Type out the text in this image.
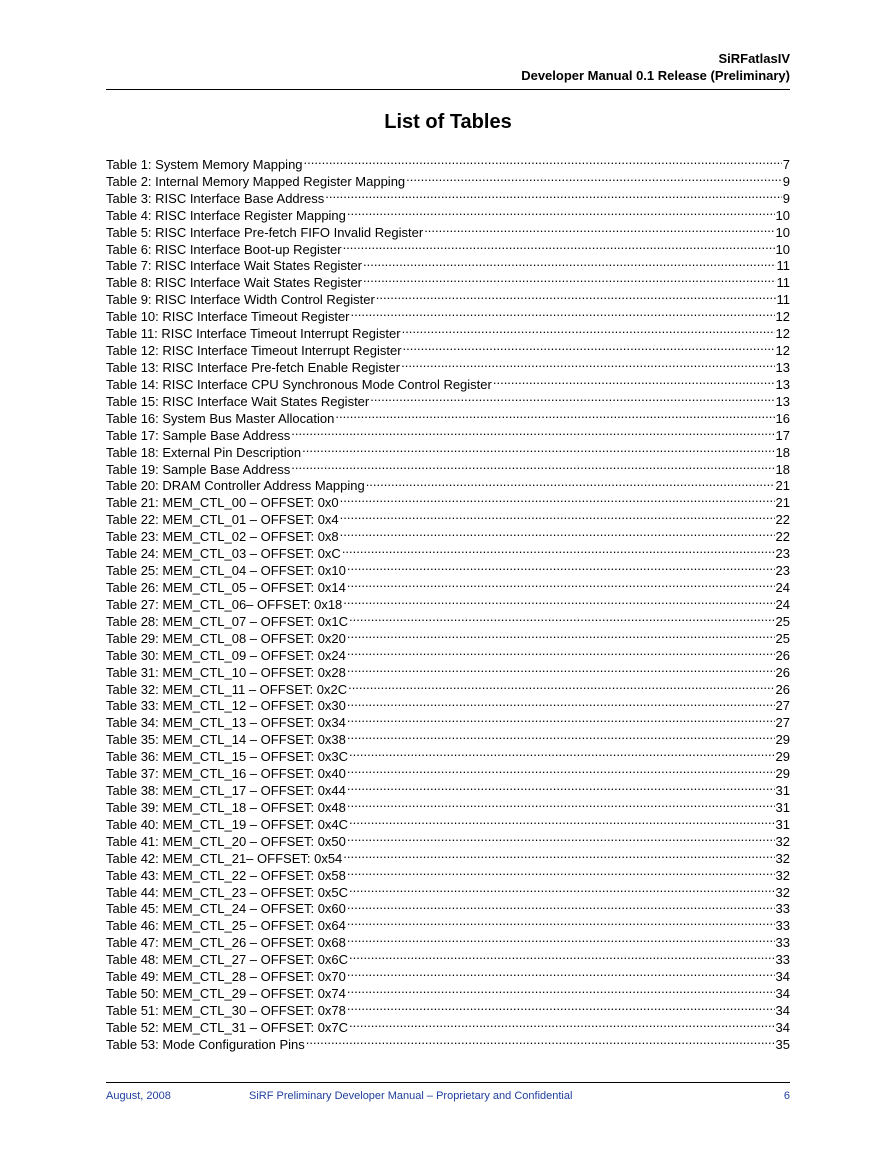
SiRFatlasIV
Developer Manual 0.1 Release (Preliminary)
List of Tables
Table 1: System Memory Mapping .....	7
Table 2: Internal Memory Mapped Register Mapping .....	9
Table 3: RISC Interface Base Address .....	9
Table 4: RISC Interface Register Mapping .....	10
Table 5: RISC Interface Pre-fetch FIFO Invalid Register .....	10
Table 6: RISC Interface Boot-up Register .....	10
Table 7: RISC Interface Wait States Register .....	11
Table 8: RISC Interface Wait States Register .....	11
Table 9: RISC Interface Width Control Register .....	11
Table 10: RISC Interface Timeout Register .....	12
Table 11: RISC Interface Timeout Interrupt Register .....	12
Table 12: RISC Interface Timeout Interrupt Register .....	12
Table 13: RISC Interface Pre-fetch Enable Register .....	13
Table 14: RISC Interface CPU Synchronous Mode Control Register .....	13
Table 15: RISC Interface Wait States Register .....	13
Table 16: System Bus Master Allocation .....	16
Table 17: Sample Base Address .....	17
Table 18: External Pin Description .....	18
Table 19: Sample Base Address .....	18
Table 20: DRAM Controller Address Mapping .....	21
Table 21: MEM_CTL_00 – OFFSET: 0x0 .....	21
Table 22: MEM_CTL_01 – OFFSET: 0x4 .....	22
Table 23: MEM_CTL_02 – OFFSET: 0x8 .....	22
Table 24: MEM_CTL_03 – OFFSET: 0xC .....	23
Table 25: MEM_CTL_04 – OFFSET: 0x10 .....	23
Table 26: MEM_CTL_05 – OFFSET: 0x14 .....	24
Table 27: MEM_CTL_06– OFFSET: 0x18 .....	24
Table 28: MEM_CTL_07 – OFFSET: 0x1C .....	25
Table 29: MEM_CTL_08 – OFFSET: 0x20 .....	25
Table 30: MEM_CTL_09 – OFFSET: 0x24 .....	26
Table 31: MEM_CTL_10 – OFFSET: 0x28 .....	26
Table 32: MEM_CTL_11 – OFFSET: 0x2C .....	26
Table 33: MEM_CTL_12 – OFFSET: 0x30 .....	27
Table 34: MEM_CTL_13 – OFFSET: 0x34 .....	27
Table 35: MEM_CTL_14 – OFFSET: 0x38 .....	29
Table 36: MEM_CTL_15 – OFFSET: 0x3C .....	29
Table 37: MEM_CTL_16 – OFFSET: 0x40 .....	29
Table 38: MEM_CTL_17 – OFFSET: 0x44 .....	31
Table 39: MEM_CTL_18 – OFFSET: 0x48 .....	31
Table 40: MEM_CTL_19 – OFFSET: 0x4C .....	31
Table 41: MEM_CTL_20 – OFFSET: 0x50 .....	32
Table 42: MEM_CTL_21– OFFSET: 0x54 .....	32
Table 43: MEM_CTL_22 – OFFSET: 0x58 .....	32
Table 44: MEM_CTL_23 – OFFSET: 0x5C .....	32
Table 45: MEM_CTL_24 – OFFSET: 0x60 .....	33
Table 46: MEM_CTL_25 – OFFSET: 0x64 .....	33
Table 47: MEM_CTL_26 – OFFSET: 0x68 .....	33
Table 48: MEM_CTL_27 – OFFSET: 0x6C .....	33
Table 49: MEM_CTL_28 – OFFSET: 0x70 .....	34
Table 50: MEM_CTL_29 – OFFSET: 0x74 .....	34
Table 51: MEM_CTL_30 – OFFSET: 0x78 .....	34
Table 52: MEM_CTL_31 – OFFSET: 0x7C .....	34
Table 53: Mode Configuration Pins .....	35
August, 2008	SiRF Preliminary Developer Manual – Proprietary and Confidential	6
